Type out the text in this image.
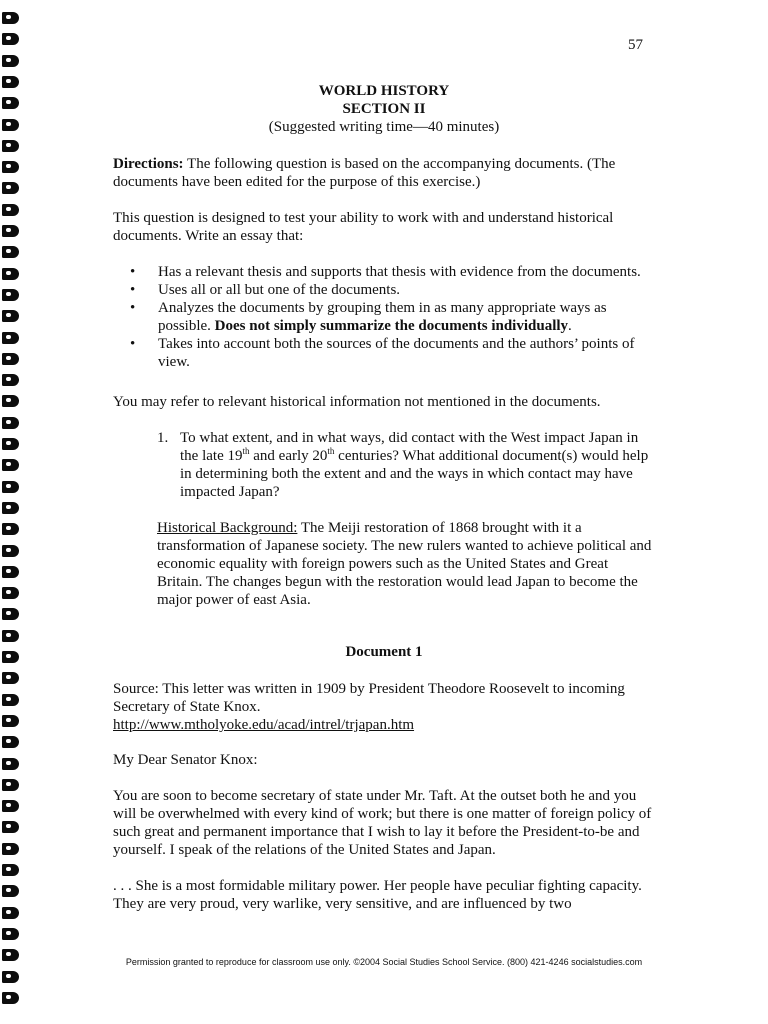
57
WORLD HISTORY
SECTION II
(Suggested writing time—40 minutes)
Directions: The following question is based on the accompanying documents. (The documents have been edited for the purpose of this exercise.)
This question is designed to test your ability to work with and understand historical documents. Write an essay that:
• Has a relevant thesis and supports that thesis with evidence from the documents.
• Uses all or all but one of the documents.
• Analyzes the documents by grouping them in as many appropriate ways as possible. Does not simply summarize the documents individually.
• Takes into account both the sources of the documents and the authors’ points of view.
You may refer to relevant historical information not mentioned in the documents.
1. To what extent, and in what ways, did contact with the West impact Japan in the late 19th and early 20th centuries? What additional document(s) would help in determining both the extent and and the ways in which contact may have impacted Japan?
Historical Background: The Meiji restoration of 1868 brought with it a transformation of Japanese society. The new rulers wanted to achieve political and economic equality with foreign powers such as the United States and Great Britain. The changes begun with the restoration would lead Japan to become the major power of east Asia.
Document 1
Source: This letter was written in 1909 by President Theodore Roosevelt to incoming Secretary of State Knox.
http://www.mtholyoke.edu/acad/intrel/trjapan.htm
My Dear Senator Knox:
You are soon to become secretary of state under Mr. Taft. At the outset both he and you will be overwhelmed with every kind of work; but there is one matter of foreign policy of such great and permanent importance that I wish to lay it before the President-to-be and yourself. I speak of the relations of the United States and Japan.
. . . She is a most formidable military power. Her people have peculiar fighting capacity. They are very proud, very warlike, very sensitive, and are influenced by two
Permission granted to reproduce for classroom use only. ©2004 Social Studies School Service. (800) 421-4246 socialstudies.com
